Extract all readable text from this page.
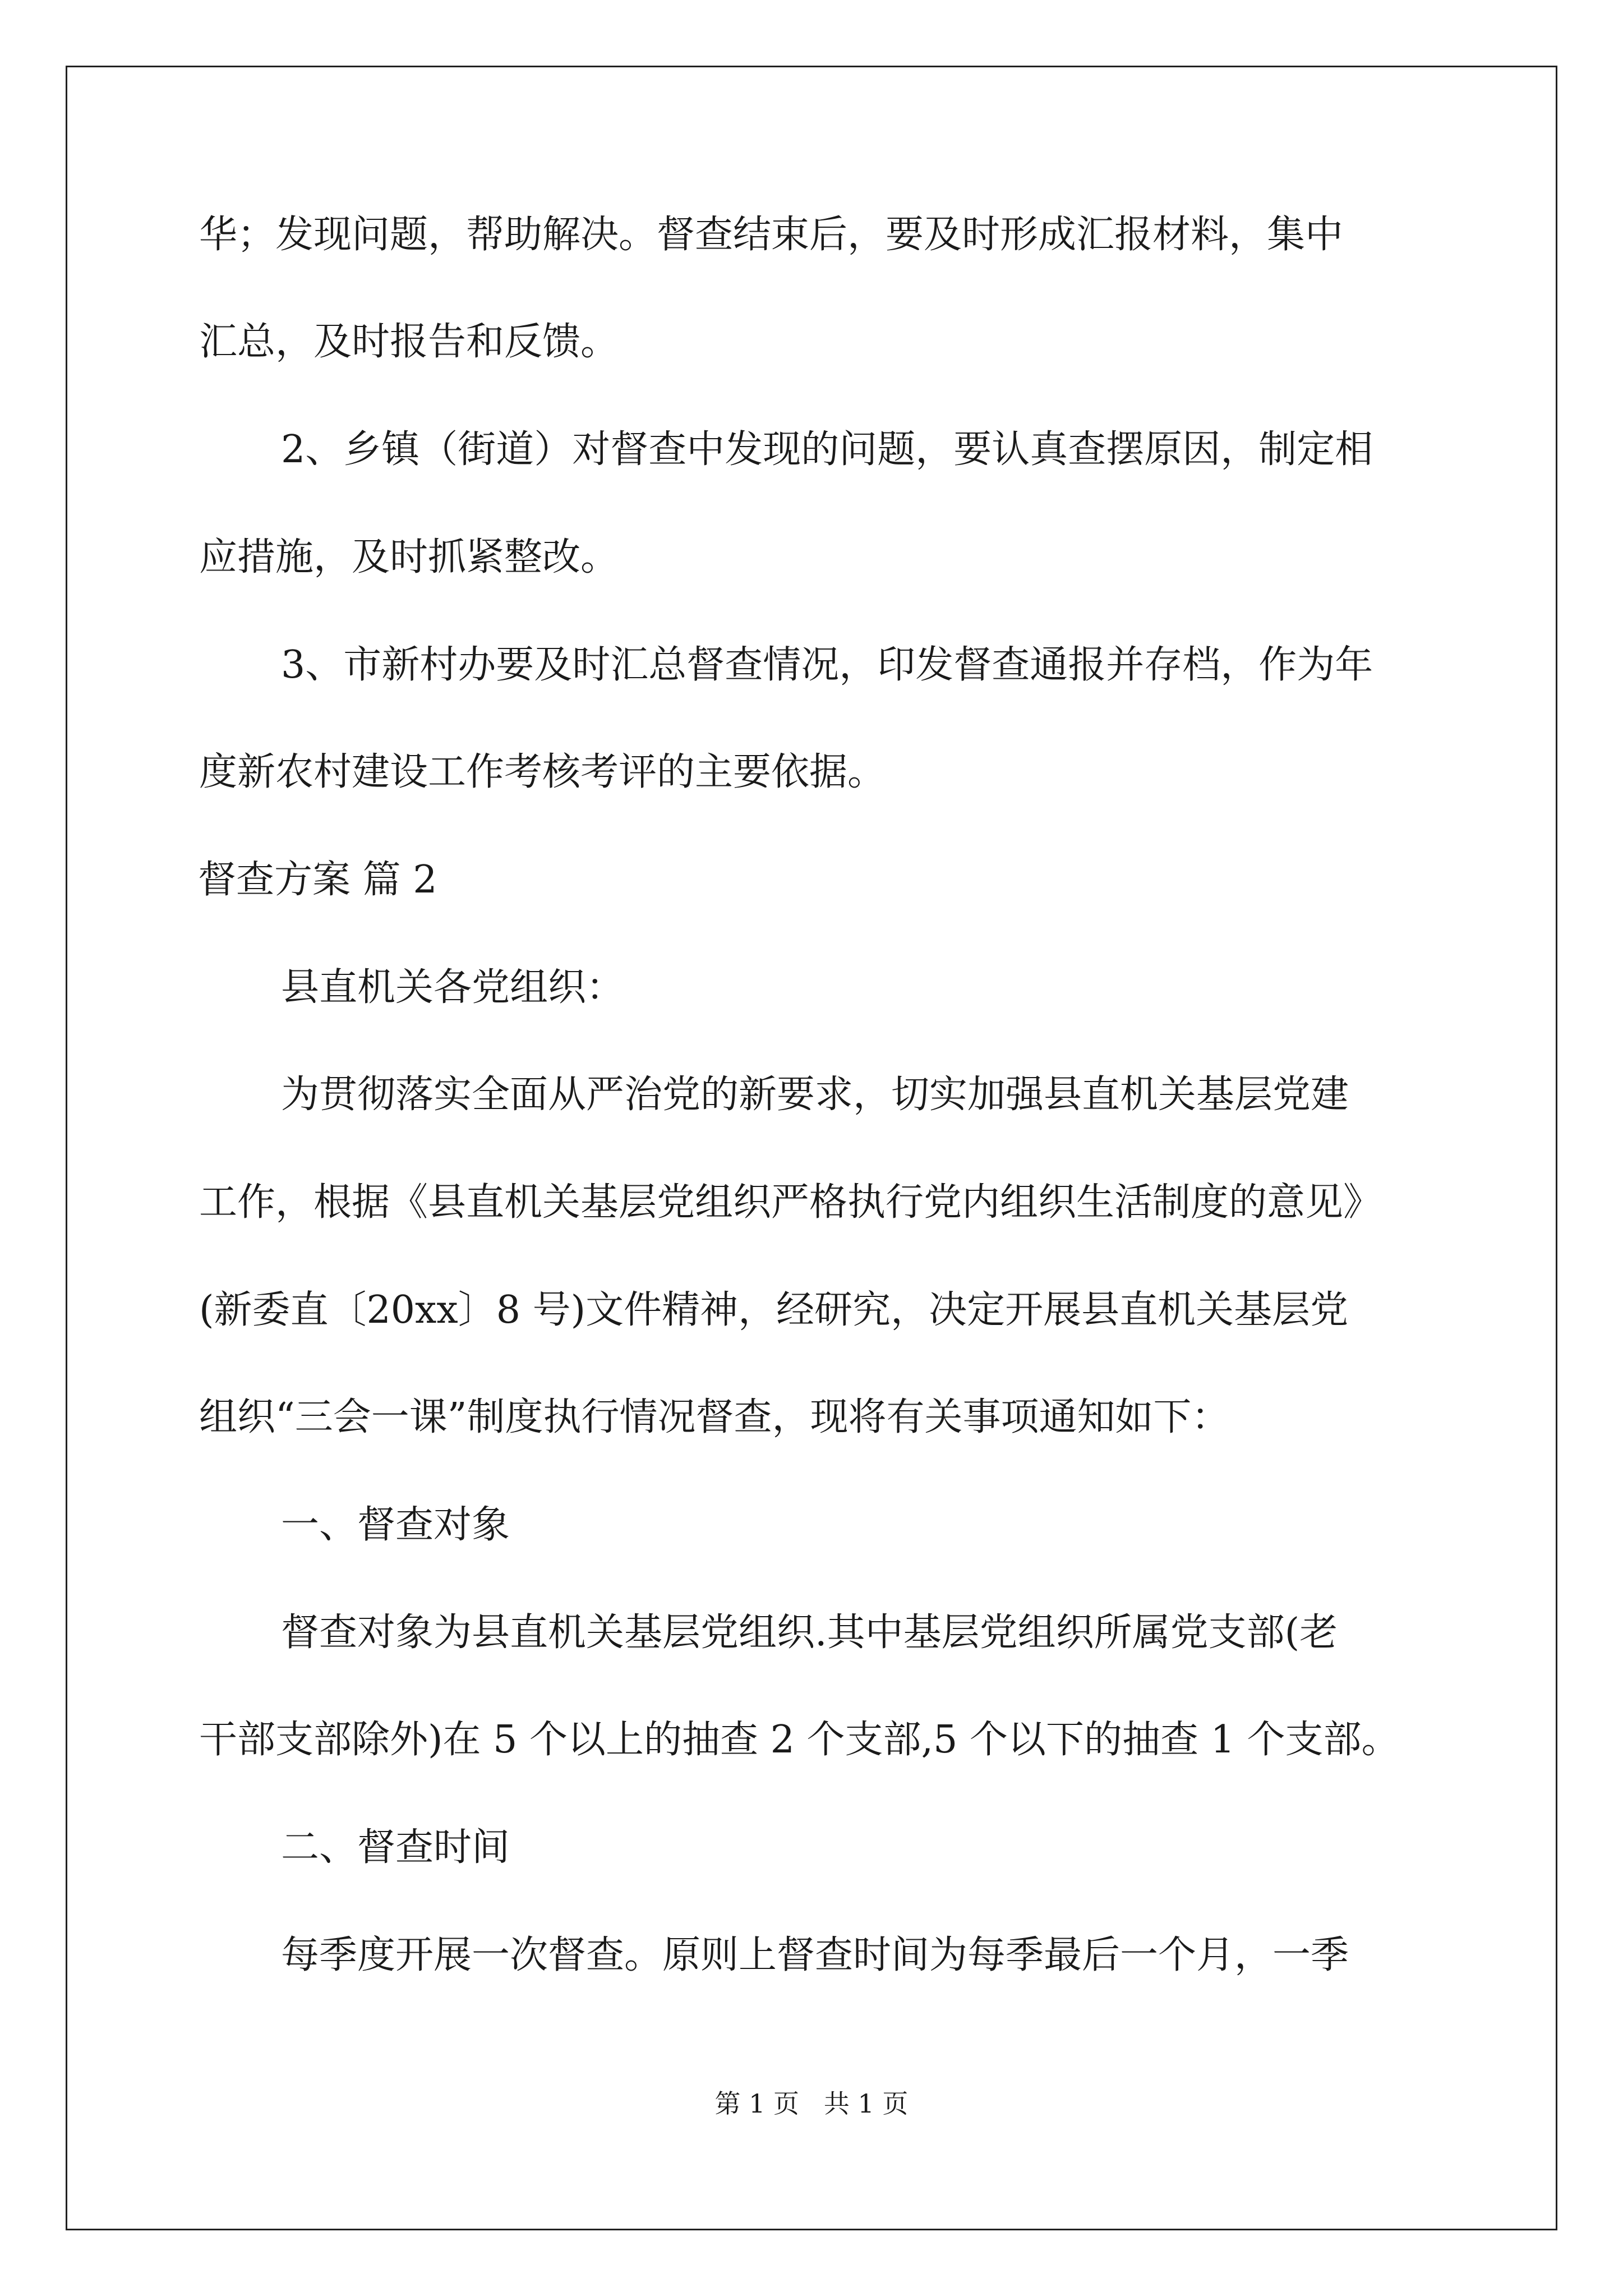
华；发现问题，帮助解决。督查结束后，要及时形成汇报材料，集中
汇总，及时报告和反馈。
2、乡镇（街道）对督查中发现的问题，要认真查摆原因，制定相
应措施，及时抓紧整改。
3、市新村办要及时汇总督查情况，印发督查通报并存档，作为年
度新农村建设工作考核考评的主要依据。
督查方案 篇 2
县直机关各党组织：
为贯彻落实全面从严治党的新要求，切实加强县直机关基层党建
工作，根据《县直机关基层党组织严格执行党内组织生活制度的意见》
(新委直〔20xx〕8 号)文件精神，经研究，决定开展县直机关基层党
组织“三会一课”制度执行情况督查，现将有关事项通知如下：
一、督查对象
督查对象为县直机关基层党组织.其中基层党组织所属党支部(老
干部支部除外)在 5 个以上的抽查 2 个支部,5 个以下的抽查 1 个支部。
二、督查时间
每季度开展一次督查。原则上督查时间为每季最后一个月，一季
第 1 页   共 1 页
